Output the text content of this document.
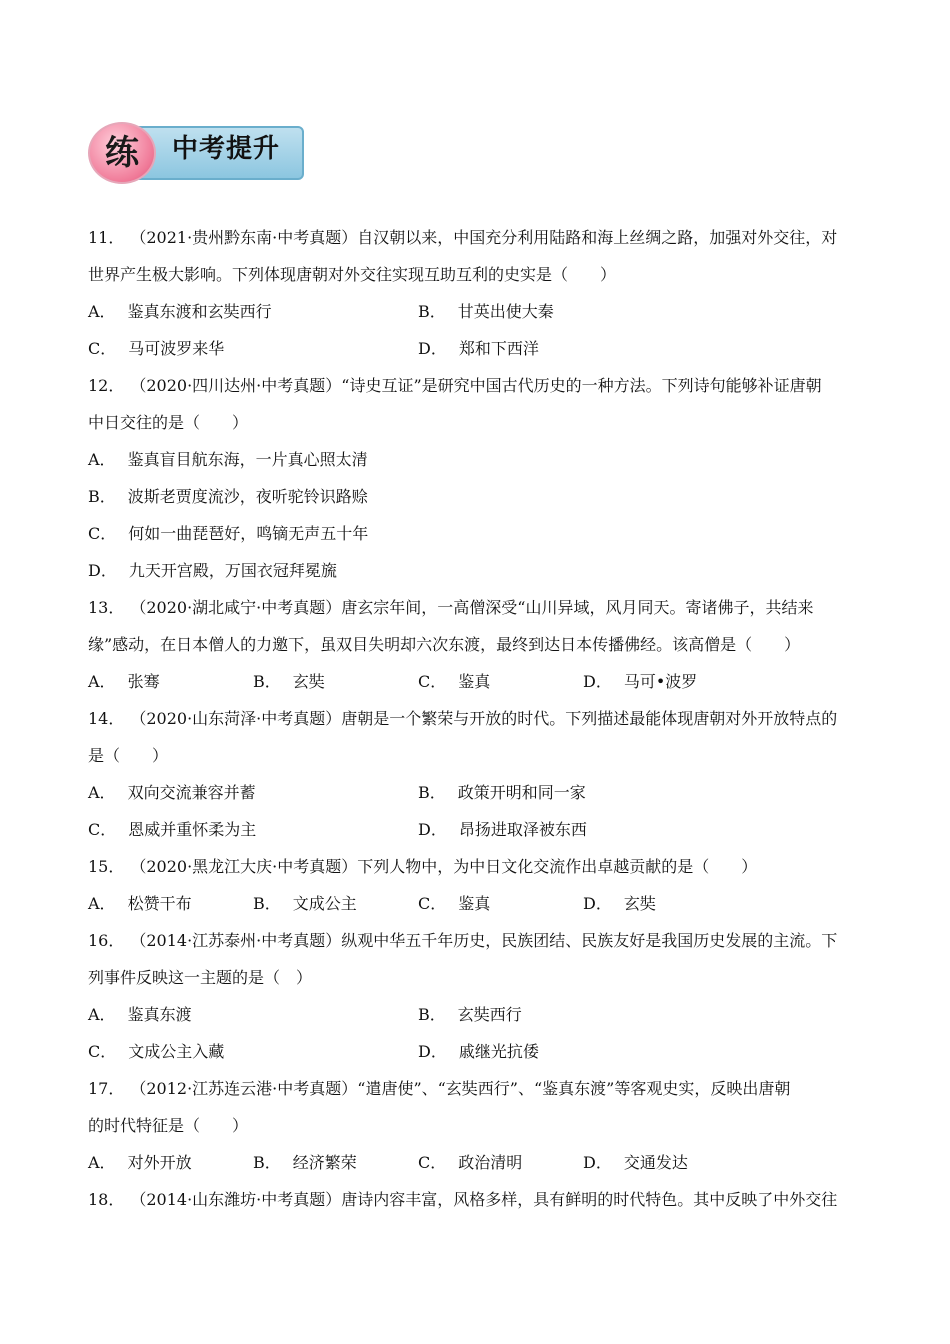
练 中考提升
11． （2021·贵州黔东南·中考真题）自汉朝以来，中国充分利用陆路和海上丝绸之路，加强对外交往，对
世界产生极大影响。下列体现唐朝对外交往实现互助互利的史实是（　　）
A． 鉴真东渡和玄奘西行	B． 甘英出使大秦
C． 马可波罗来华	D． 郑和下西洋
12． （2020·四川达州·中考真题）“诗史互证”是研究中国古代历史的一种方法。下列诗句能够补证唐朝
中日交往的是（　　）
A． 鉴真盲目航东海，一片真心照太清
B． 波斯老贾度流沙，夜听驼铃识路赊
C． 何如一曲琵琶好，鸣镝无声五十年
D． 九天开宫殿，万国衣冠拜冕旒
13． （2020·湖北咸宁·中考真题）唐玄宗年间，一高僧深受“山川异域，风月同天。寄诸佛子，共结来
缘”感动，在日本僧人的力邀下，虽双目失明却六次东渡，最终到达日本传播佛经。该高僧是（　　）
A． 张骞	B． 玄奘	C． 鉴真	D． 马可•波罗
14． （2020·山东菏泽·中考真题）唐朝是一个繁荣与开放的时代。下列描述最能体现唐朝对外开放特点的
是（　　）
A． 双向交流兼容并蓄	B． 政策开明和同一家
C． 恩威并重怀柔为主	D． 昂扬进取泽被东西
15． （2020·黑龙江大庆·中考真题）下列人物中，为中日文化交流作出卓越贡献的是（　　）
A． 松赞干布	B． 文成公主	C． 鉴真	D． 玄奘
16． （2014·江苏泰州·中考真题）纵观中华五千年历史，民族团结、民族友好是我国历史发展的主流。下
列事件反映这一主题的是（　）
A． 鉴真东渡	B． 玄奘西行
C． 文成公主入藏	D． 戚继光抗倭
17． （2012·江苏连云港·中考真题）“遣唐使”、“玄奘西行”、“鉴真东渡”等客观史实，反映出唐朝
的时代特征是（　　）
A． 对外开放	B． 经济繁荣	C． 政治清明	D． 交通发达
18． （2014·山东潍坊·中考真题）唐诗内容丰富，风格多样，具有鲜明的时代特色。其中反映了中外交往
